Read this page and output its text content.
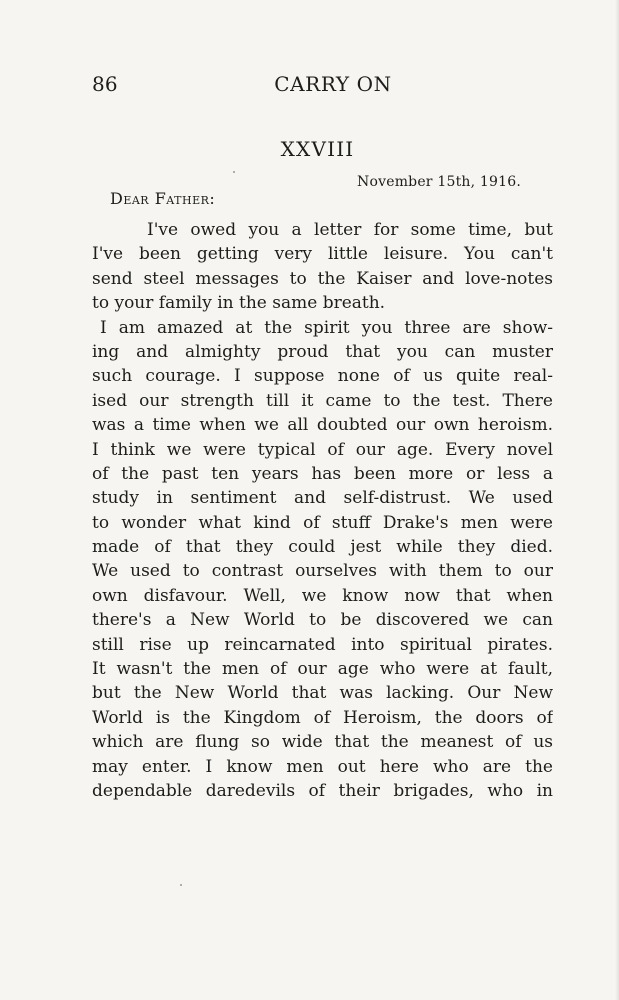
86	CARRY ON
XXVIII
November 15th, 1916.
Dear Father:
I've owed you a letter for some time, but
I've been getting very little leisure. You can't
send steel messages to the Kaiser and love-notes
to your family in the same breath.
I am amazed at the spirit you three are show-
ing and almighty proud that you can muster
such courage. I suppose none of us quite real-
ised our strength till it came to the test. There
was a time when we all doubted our own heroism.
I think we were typical of our age. Every novel
of the past ten years has been more or less a
study in sentiment and self-distrust. We used
to wonder what kind of stuff Drake's men were
made of that they could jest while they died.
We used to contrast ourselves with them to our
own disfavour. Well, we know now that when
there's a New World to be discovered we can
still rise up reincarnated into spiritual pirates.
It wasn't the men of our age who were at fault,
but the New World that was lacking. Our New
World is the Kingdom of Heroism, the doors of
which are flung so wide that the meanest of us
may enter. I know men out here who are the
dependable daredevils of their brigades, who in
